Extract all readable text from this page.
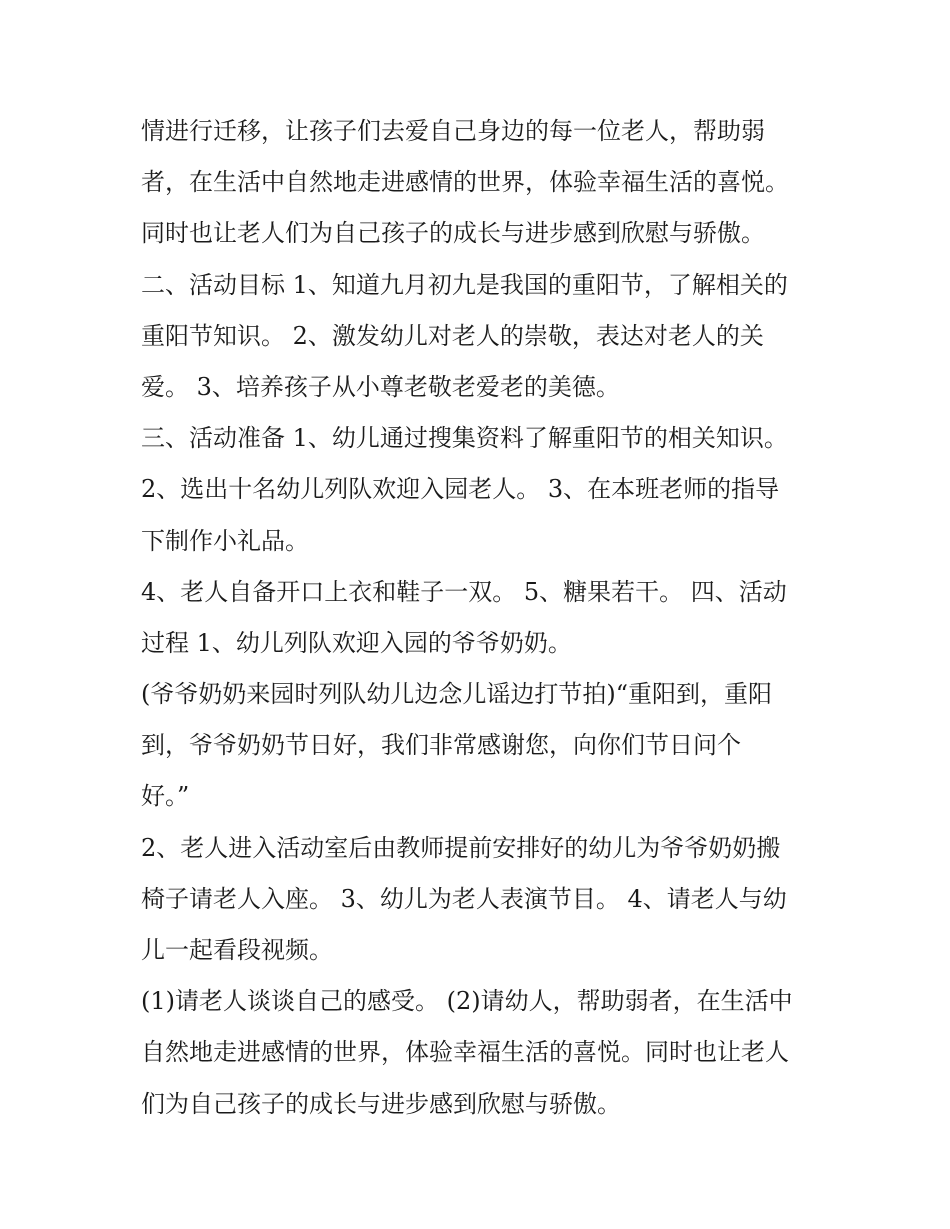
情进行迁移，让孩子们去爱自己身边的每一位老人，帮助弱
者，在生活中自然地走进感情的世界，体验幸福生活的喜悦。
同时也让老人们为自己孩子的成长与进步感到欣慰与骄傲。
二、活动目标 1、知道九月初九是我国的重阳节，了解相关的
重阳节知识。 2、激发幼儿对老人的崇敬，表达对老人的关
爱。 3、培养孩子从小尊老敬老爱老的美德。
三、活动准备 1、幼儿通过搜集资料了解重阳节的相关知识。
2、选出十名幼儿列队欢迎入园老人。 3、在本班老师的指导
下制作小礼品。
4、老人自备开口上衣和鞋子一双。 5、糖果若干。 四、活动
过程 1、幼儿列队欢迎入园的爷爷奶奶。
(爷爷奶奶来园时列队幼儿边念儿谣边打节拍)“重阳到，重阳
到，爷爷奶奶节日好，我们非常感谢您，向你们节日问个
好。”
2、老人进入活动室后由教师提前安排好的幼儿为爷爷奶奶搬
椅子请老人入座。 3、幼儿为老人表演节目。 4、请老人与幼
儿一起看段视频。
(1)请老人谈谈自己的感受。 (2)请幼人，帮助弱者，在生活中
自然地走进感情的世界，体验幸福生活的喜悦。同时也让老人
们为自己孩子的成长与进步感到欣慰与骄傲。
